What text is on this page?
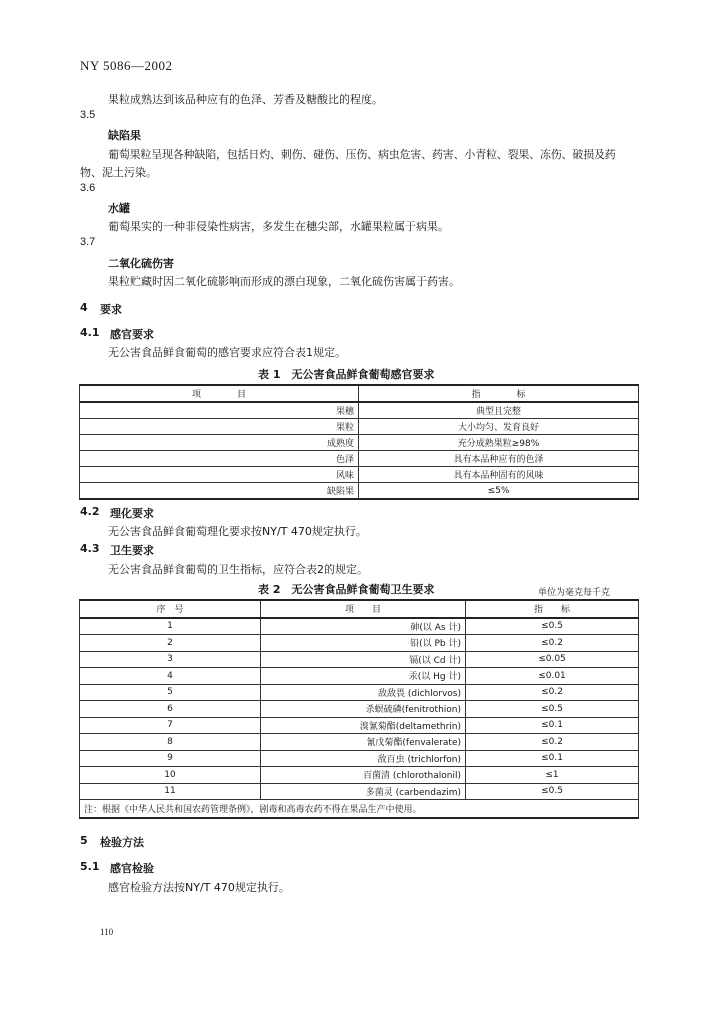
NY 5086—2002
果粒成熟达到该品种应有的色泽、芳香及糖酸比的程度。
3.5
缺陷果
葡萄果粒呈现各种缺陷，包括日灼、刺伤、碰伤、压伤、病虫危害、药害、小青粒、裂果、冻伤、破损及药
物、泥土污染。
3.6
水罐
葡萄果实的一种非侵染性病害，多发生在穗尖部，水罐果粒属于病果。
3.7
二氧化硫伤害
果粒贮藏时因二氧化硫影响而形成的漂白现象，二氧化硫伤害属于药害。
4 要求
4.1 感官要求
无公害食品鲜食葡萄的感官要求应符合表1规定。
表 1　无公害食品鲜食葡萄感官要求
项　　　　目	指　　　　标
果穗	典型且完整
果粒	大小均匀、发育良好
成熟度	充分成熟果粒≥98%
色泽	具有本品种应有的色泽
风味	具有本品种固有的风味
缺陷果	≤5%
4.2 理化要求
无公害食品鲜食葡萄理化要求按NY/T 470规定执行。
4.3 卫生要求
无公害食品鲜食葡萄的卫生指标，应符合表2的规定。
表 2　无公害食品鲜食葡萄卫生要求	单位为毫克每千克
序　号	项　　目	指　　标
1	砷(以 As 计)	≤0.5
2	铅(以 Pb 计)	≤0.2
3	镉(以 Cd 计)	≤0.05
4	汞(以 Hg 计)	≤0.01
5	敌敌畏 (dichlorvos)	≤0.2
6	杀螟硫磷(fenitrothion)	≤0.5
7	溴氰菊酯(deltamethrin)	≤0.1
8	氰戊菊酯(fenvalerate)	≤0.2
9	敌百虫 (trichlorfon)	≤0.1
10	百菌清 (chlorothalonil)	≤1
11	多菌灵 (carbendazim)	≤0.5
注：根据《中华人民共和国农药管理条例》，剧毒和高毒农药不得在果品生产中使用。		
5 检验方法
5.1 感官检验
感官检验方法按NY/T 470规定执行。
110
